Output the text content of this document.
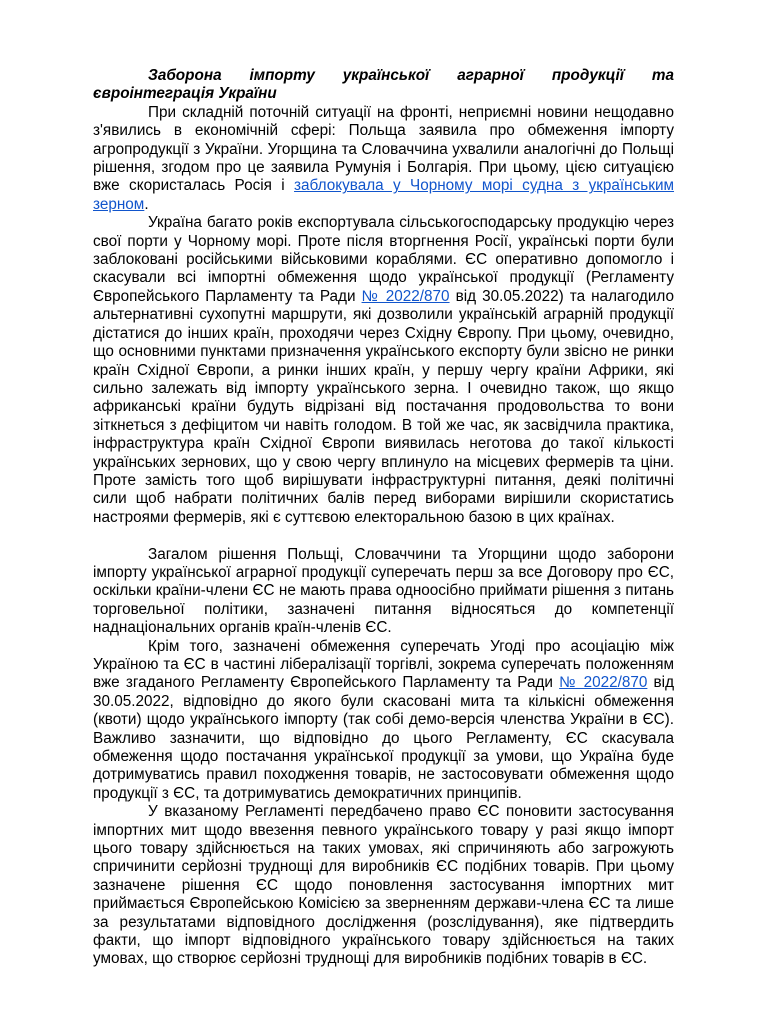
Заборона імпорту української аграрної продукції та євроінтеграція України

При складній поточній ситуації на фронті, неприємні новини нещодавно з'явились в економічній сфері: Польща заявила про обмеження імпорту агропродукції з України. Угорщина та Словаччина ухвалили аналогічні до Польщі рішення, згодом про це заявила Румунія і Болгарія. При цьому, цією ситуацією вже скористалась Росія і заблокувала у Чорному морі судна з українським зерном.

Україна багато років експортувала сільськогосподарську продукцію через свої порти у Чорному морі. Проте після вторгнення Росії, українські порти були заблоковані російськими військовими кораблями. ЄС оперативно допомогло і скасували всі імпортні обмеження щодо української продукції (Регламенту Європейського Парламенту та Ради № 2022/870 від 30.05.2022) та налагодило альтернативні сухопутні маршрути, які дозволили українській аграрній продукції дістатися до інших країн, проходячи через Східну Європу. При цьому, очевидно, що основними пунктами призначення українського експорту були звісно не ринки країн Східної Європи, а ринки інших країн, у першу чергу країни Африки, які сильно залежать від імпорту українського зерна. І очевидно також, що якщо африканські країни будуть відрізані від постачання продовольства то вони зіткнеться з дефіцитом чи навіть голодом. В той же час, як засвідчила практика, інфраструктура країн Східної Європи виявилась неготова до такої кількості українських зернових, що у свою чергу вплинуло на місцевих фермерів та ціни. Проте замість того щоб вирішувати інфраструктурні питання, деякі політичні сили щоб набрати політичних балів перед виборами вирішили скористатись настроями фермерів, які є суттєвою електоральною базою в цих країнах.

Загалом рішення Польщі, Словаччини та Угорщини щодо заборони імпорту української аграрної продукції суперечать перш за все Договору про ЄС, оскільки країни-члени ЄС не мають права одноосібно приймати рішення з питань торговельної політики, зазначені питання відносяться до компетенції наднаціональних органів країн-членів ЄС.

Крім того, зазначені обмеження суперечать Угоді про асоціацію між Україною та ЄС в частині лібералізації торгівлі, зокрема суперечать положенням вже згаданого Регламенту Європейського Парламенту та Ради № 2022/870 від 30.05.2022, відповідно до якого були скасовані мита та кількісні обмеження (квоти) щодо українського імпорту (так собі демо-версія членства України в ЄС). Важливо зазначити, що відповідно до цього Регламенту, ЄС скасувала обмеження щодо постачання української продукції за умови, що Україна буде дотримуватись правил походження товарів, не застосовувати обмеження щодо продукції з ЄС, та дотримуватись демократичних принципів.

У вказаному Регламенті передбачено право ЄС поновити застосування імпортних мит щодо ввезення певного українського товару у разі якщо імпорт цього товару здійснюється на таких умовах, які спричиняють або загрожують спричинити серйозні труднощі для виробників ЄС подібних товарів. При цьому зазначене рішення ЄС щодо поновлення застосування імпортних мит приймається Європейською Комісією за зверненням держави-члена ЄС та лише за результатами відповідного дослідження (розслідування), яке підтвердить факти, що імпорт відповідного українського товару здійснюється на таких умовах, що створює серйозні труднощі для виробників подібних товарів в ЄС.
